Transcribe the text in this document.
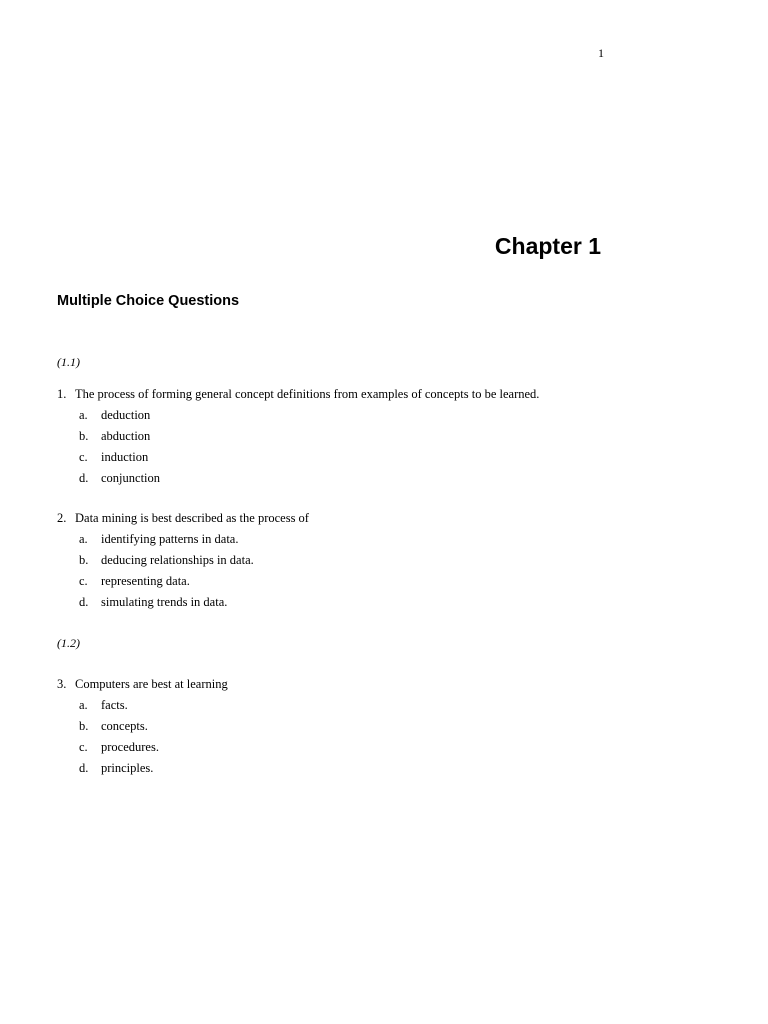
1
Chapter 1
Multiple Choice Questions
(1.1)
1. The process of forming general concept definitions from examples of concepts to be learned.
a. deduction
b. abduction
c. induction
d. conjunction
2. Data mining is best described as the process of
a. identifying patterns in data.
b. deducing relationships in data.
c. representing data.
d. simulating trends in data.
(1.2)
3. Computers are best at learning
a. facts.
b. concepts.
c. procedures.
d. principles.
